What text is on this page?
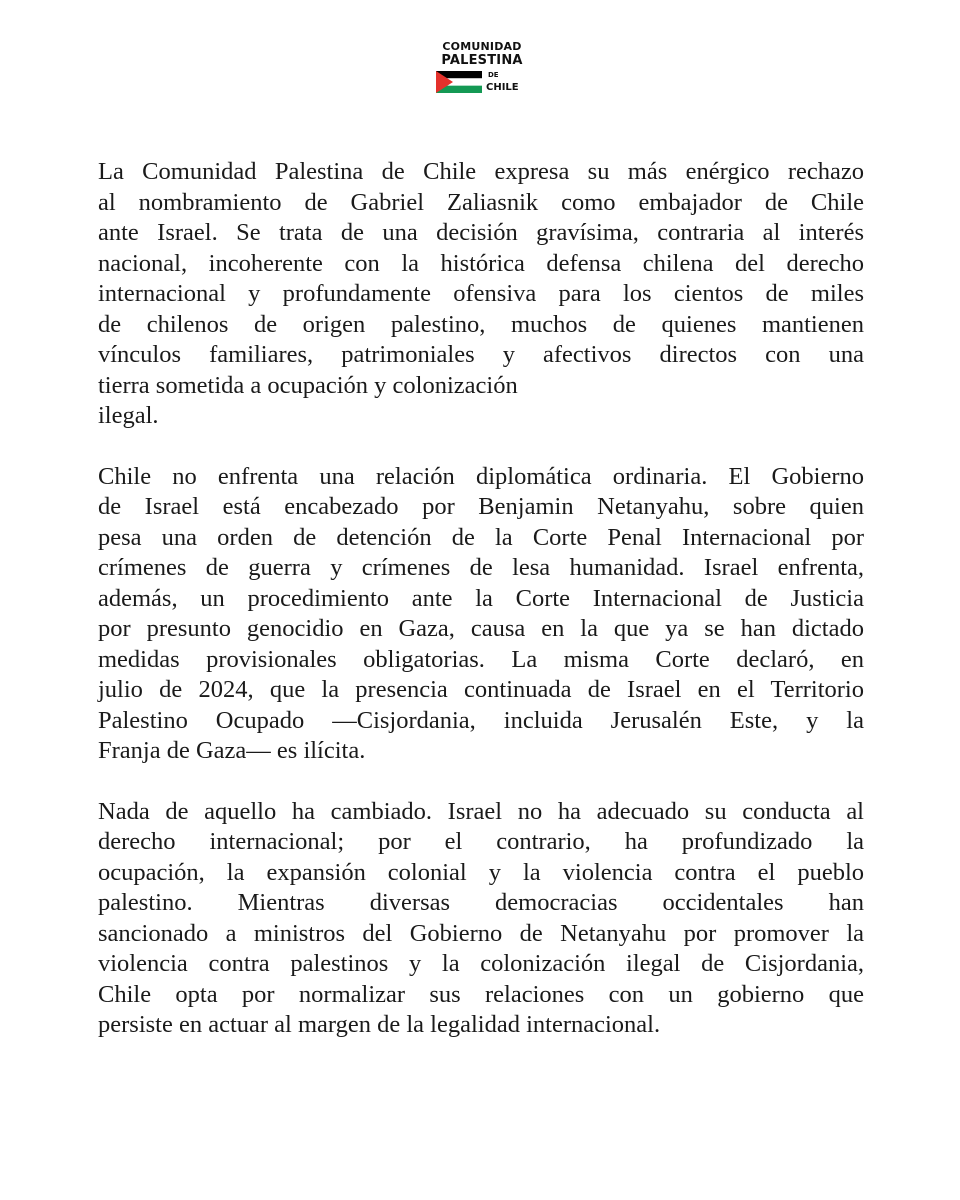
COMUNIDAD
PALESTINA
DE
CHILE
La Comunidad Palestina de Chile expresa su más enérgico rechazo
al nombramiento de Gabriel Zaliasnik como embajador de Chile
ante Israel. Se trata de una decisión gravísima, contraria al interés
nacional, incoherente con la histórica defensa chilena del derecho
internacional y profundamente ofensiva para los cientos de miles
de chilenos de origen palestino, muchos de quienes mantienen
vínculos familiares, patrimoniales y afectivos directos con una
tierra sometida a ocupación y colonización
ilegal.
Chile no enfrenta una relación diplomática ordinaria. El Gobierno
de Israel está encabezado por Benjamin Netanyahu, sobre quien
pesa una orden de detención de la Corte Penal Internacional por
crímenes de guerra y crímenes de lesa humanidad. Israel enfrenta,
además, un procedimiento ante la Corte Internacional de Justicia
por presunto genocidio en Gaza, causa en la que ya se han dictado
medidas provisionales obligatorias. La misma Corte declaró, en
julio de 2024, que la presencia continuada de Israel en el Territorio
Palestino Ocupado —Cisjordania, incluida Jerusalén Este, y la
Franja de Gaza— es ilícita.
Nada de aquello ha cambiado. Israel no ha adecuado su conducta al
derecho internacional; por el contrario, ha profundizado la
ocupación, la expansión colonial y la violencia contra el pueblo
palestino. Mientras diversas democracias occidentales han
sancionado a ministros del Gobierno de Netanyahu por promover la
violencia contra palestinos y la colonización ilegal de Cisjordania,
Chile opta por normalizar sus relaciones con un gobierno que
persiste en actuar al margen de la legalidad internacional.
